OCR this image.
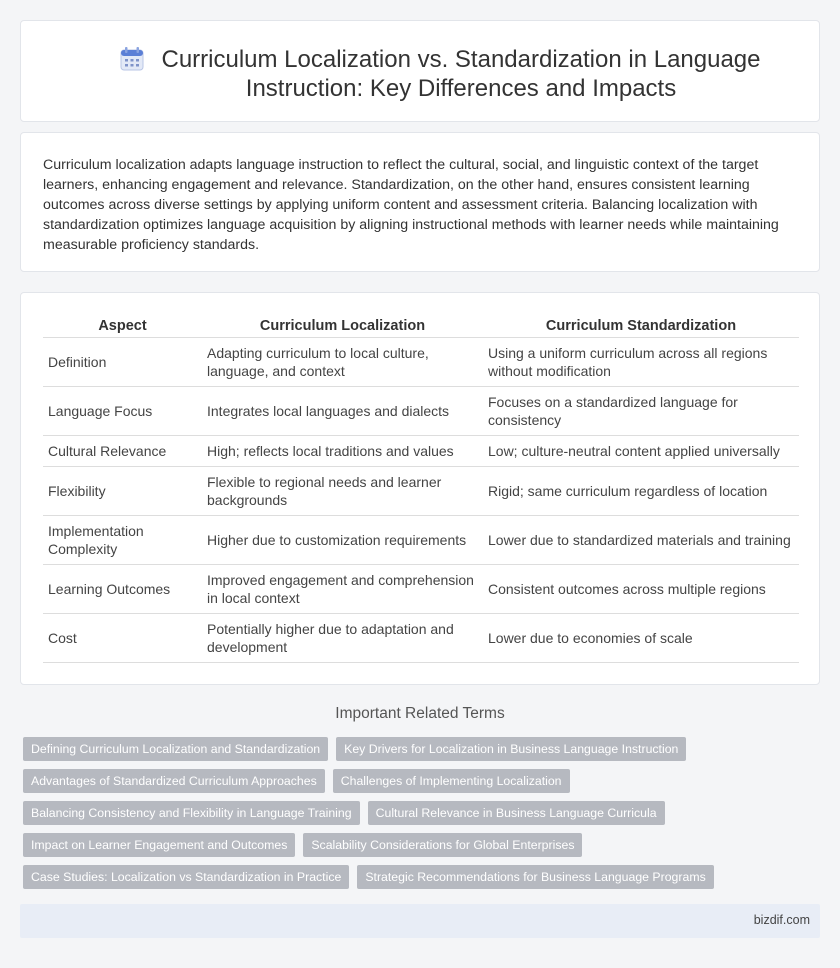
Curriculum Localization vs. Standardization in Language Instruction: Key Differences and Impacts

Curriculum localization adapts language instruction to reflect the cultural, social, and linguistic context of the target learners, enhancing engagement and relevance. Standardization, on the other hand, ensures consistent learning outcomes across diverse settings by applying uniform content and assessment criteria. Balancing localization with standardization optimizes language acquisition by aligning instructional methods with learner needs while maintaining measurable proficiency standards.

Aspect	Curriculum Localization	Curriculum Standardization
Definition	Adapting curriculum to local culture, language, and context	Using a uniform curriculum across all regions without modification
Language Focus	Integrates local languages and dialects	Focuses on a standardized language for consistency
Cultural Relevance	High; reflects local traditions and values	Low; culture-neutral content applied universally
Flexibility	Flexible to regional needs and learner backgrounds	Rigid; same curriculum regardless of location
Implementation Complexity	Higher due to customization requirements	Lower due to standardized materials and training
Learning Outcomes	Improved engagement and comprehension in local context	Consistent outcomes across multiple regions
Cost	Potentially higher due to adaptation and development	Lower due to economies of scale
Important Related Terms
Defining Curriculum Localization and Standardization	Key Drivers for Localization in Business Language Instruction
Advantages of Standardized Curriculum Approaches	Challenges of Implementing Localization
Balancing Consistency and Flexibility in Language Training	Cultural Relevance in Business Language Curricula
Impact on Learner Engagement and Outcomes	Scalability Considerations for Global Enterprises
Case Studies: Localization vs Standardization in Practice	Strategic Recommendations for Business Language Programs
bizdif.com
